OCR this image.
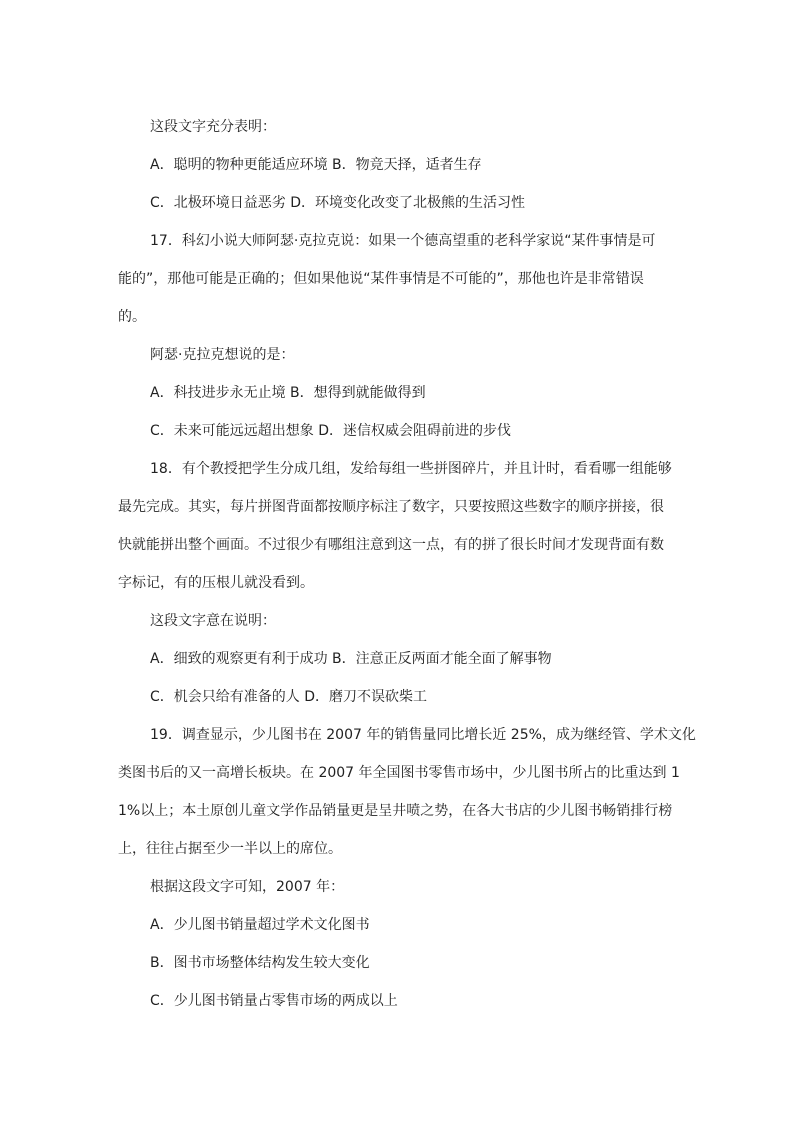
这段文字充分表明：
A．聪明的物种更能适应环境 B．物竞天择，适者生存
C．北极环境日益恶劣 D．环境变化改变了北极熊的生活习性
17．科幻小说大师阿瑟·克拉克说：如果一个德高望重的老科学家说“某件事情是可
能的”，那他可能是正确的；但如果他说“某件事情是不可能的”，那他也许是非常错误
的。
阿瑟·克拉克想说的是：
A．科技进步永无止境 B．想得到就能做得到
C．未来可能远远超出想象 D．迷信权威会阻碍前进的步伐
18．有个教授把学生分成几组，发给每组一些拼图碎片，并且计时，看看哪一组能够
最先完成。其实，每片拼图背面都按顺序标注了数字，只要按照这些数字的顺序拼接，很
快就能拼出整个画面。不过很少有哪组注意到这一点，有的拼了很长时间才发现背面有数
字标记，有的压根儿就没看到。
这段文字意在说明：
A．细致的观察更有利于成功 B．注意正反两面才能全面了解事物
C．机会只给有准备的人 D．磨刀不误砍柴工
19．调查显示，少儿图书在 2007 年的销售量同比增长近 25%，成为继经管、学术文化
类图书后的又一高增长板块。在 2007 年全国图书零售市场中，少儿图书所占的比重达到 1
1%以上；本土原创儿童文学作品销量更是呈井喷之势，在各大书店的少儿图书畅销排行榜
上，往往占据至少一半以上的席位。
根据这段文字可知，2007 年：
A．少儿图书销量超过学术文化图书
B．图书市场整体结构发生较大变化
C．少儿图书销量占零售市场的两成以上
